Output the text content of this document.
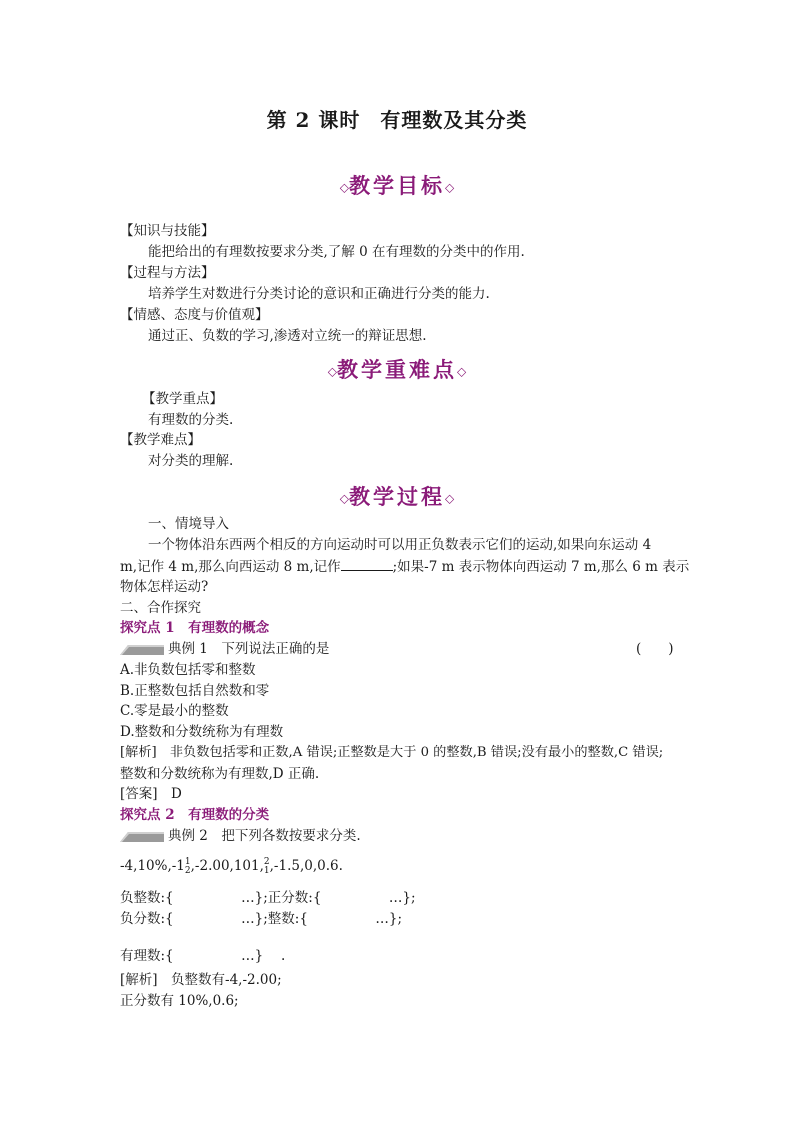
第 2 课时 有理数及其分类
◇教学目标◇
【知识与技能】
能把给出的有理数按要求分类,了解 0 在有理数的分类中的作用.
【过程与方法】
培养学生对数进行分类讨论的意识和正确进行分类的能力.
【情感、态度与价值观】
通过正、负数的学习,渗透对立统一的辩证思想.
◇教学重难点◇
【教学重点】
有理数的分类.
【教学难点】
对分类的理解.
◇教学过程◇
一、情境导入
一个物体沿东西两个相反的方向运动时可以用正负数表示它们的运动,如果向东运动 4
m,记作 4 m,那么向西运动 8 m,记作	;如果-7 m 表示物体向西运动 7 m,那么 6 m 表示
物体怎样运动?
二、合作探究
探究点 1　有理数的概念
典例 1　下列说法正确的是	(　　)
A.非负数包括零和整数
B.正整数包括自然数和零
C.零是最小的整数
D.整数和分数统称为有理数
[解析]　非负数包括零和正数,A 错误;正整数是大于 0 的整数,B 错误;没有最小的整数,C 错误;
整数和分数统称为有理数,D 正确.
[答案]　D
探究点 2　有理数的分类
典例 2　把下列各数按要求分类.
-4,10%,-1 1
2 ,-2.00,101, 2
1 ,-1.5,0,0.6.
负整数:{　　　　　…};正分数:{　　　　　…};
负分数:{　　　　　…};整数:{　　　　　…};
有理数:{　　　　　…}　 .
[解析]　负整数有-4,-2.00;
正分数有 10%,0.6;
